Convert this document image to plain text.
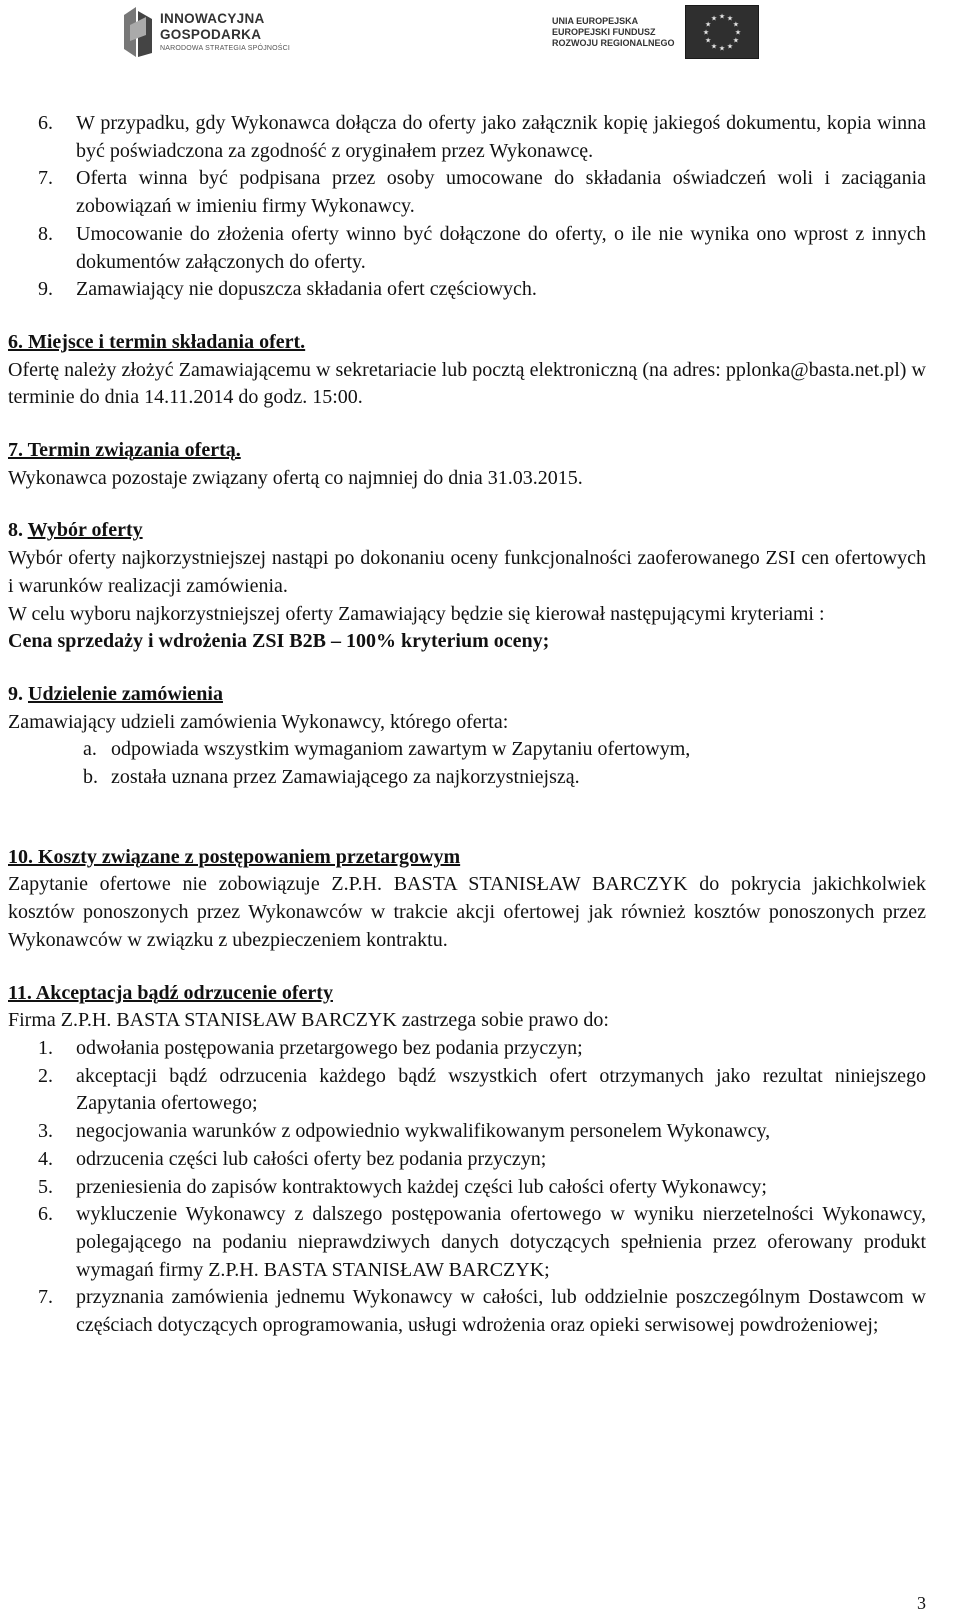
INNOWACYJNA
GOSPODARKA
NARODOWA STRATEGIA SPÓJNOŚCI
UNIA EUROPEJSKA
EUROPEJSKI FUNDUSZ
ROZWOJU REGIONALNEGO
★ ★
★
★
★
★
★
★
★
★
★
★
6. W przypadku, gdy Wykonawca dołącza do oferty jako załącznik kopię jakiegoś dokumentu, kopia winna być poświadczona za zgodność z oryginałem przez Wykonawcę.
7. Oferta winna być podpisana przez osoby umocowane do składania oświadczeń woli i zaciągania zobowiązań w imieniu firmy Wykonawcy.
8. Umocowanie do złożenia oferty winno być dołączone do oferty, o ile nie wynika ono wprost z innych dokumentów załączonych do oferty.
9. Zamawiający nie dopuszcza składania ofert częściowych.

6. Miejsce i termin składania ofert.

Ofertę należy złożyć Zamawiającemu w sekretariacie lub pocztą elektroniczną (na adres: pplonka@basta.net.pl) w terminie do dnia 14.11.2014 do godz. 15:00.

7. Termin związania ofertą.

Wykonawca pozostaje związany ofertą co najmniej do dnia 31.03.2015.

8. Wybór oferty

Wybór oferty najkorzystniejszej nastąpi po dokonaniu oceny funkcjonalności zaoferowanego ZSI cen ofertowych i warunków realizacji zamówienia.

W celu wyboru najkorzystniejszej oferty Zamawiający będzie się kierował następującymi kryteriami :

Cena sprzedaży i wdrożenia ZSI B2B – 100% kryterium oceny;

9. Udzielenie zamówienia

Zamawiający udzieli zamówienia Wykonawcy, którego oferta:

a. odpowiada wszystkim wymaganiom zawartym w Zapytaniu ofertowym,
b. została uznana przez Zamawiającego za najkorzystniejszą.

10. Koszty związane z postępowaniem przetargowym

Zapytanie ofertowe nie zobowiązuje Z.P.H. BASTA STANISŁAW BARCZYK do pokrycia jakichkolwiek kosztów ponoszonych przez Wykonawców w trakcie akcji ofertowej jak również kosztów ponoszonych przez Wykonawców w związku z ubezpieczeniem kontraktu.

11. Akceptacja bądź odrzucenie oferty

Firma Z.P.H. BASTA STANISŁAW BARCZYK zastrzega sobie prawo do:

1. odwołania postępowania przetargowego bez podania przyczyn;
2. akceptacji bądź odrzucenia każdego bądź wszystkich ofert otrzymanych jako rezultat niniejszego Zapytania ofertowego;
3. negocjowania warunków z odpowiednio wykwalifikowanym personelem Wykonawcy,
4. odrzucenia części lub całości oferty bez podania przyczyn;
5. przeniesienia do zapisów kontraktowych każdej części lub całości oferty Wykonawcy;
6. wykluczenie Wykonawcy z dalszego postępowania ofertowego w wyniku nierzetelności Wykonawcy, polegającego na podaniu nieprawdziwych danych dotyczących spełnienia przez oferowany produkt wymagań firmy Z.P.H. BASTA STANISŁAW BARCZYK;
7. przyznania zamówienia jednemu Wykonawcy w całości, lub oddzielnie poszczególnym Dostawcom w częściach dotyczących oprogramowania, usługi wdrożenia oraz opieki serwisowej powdrożeniowej;
3
